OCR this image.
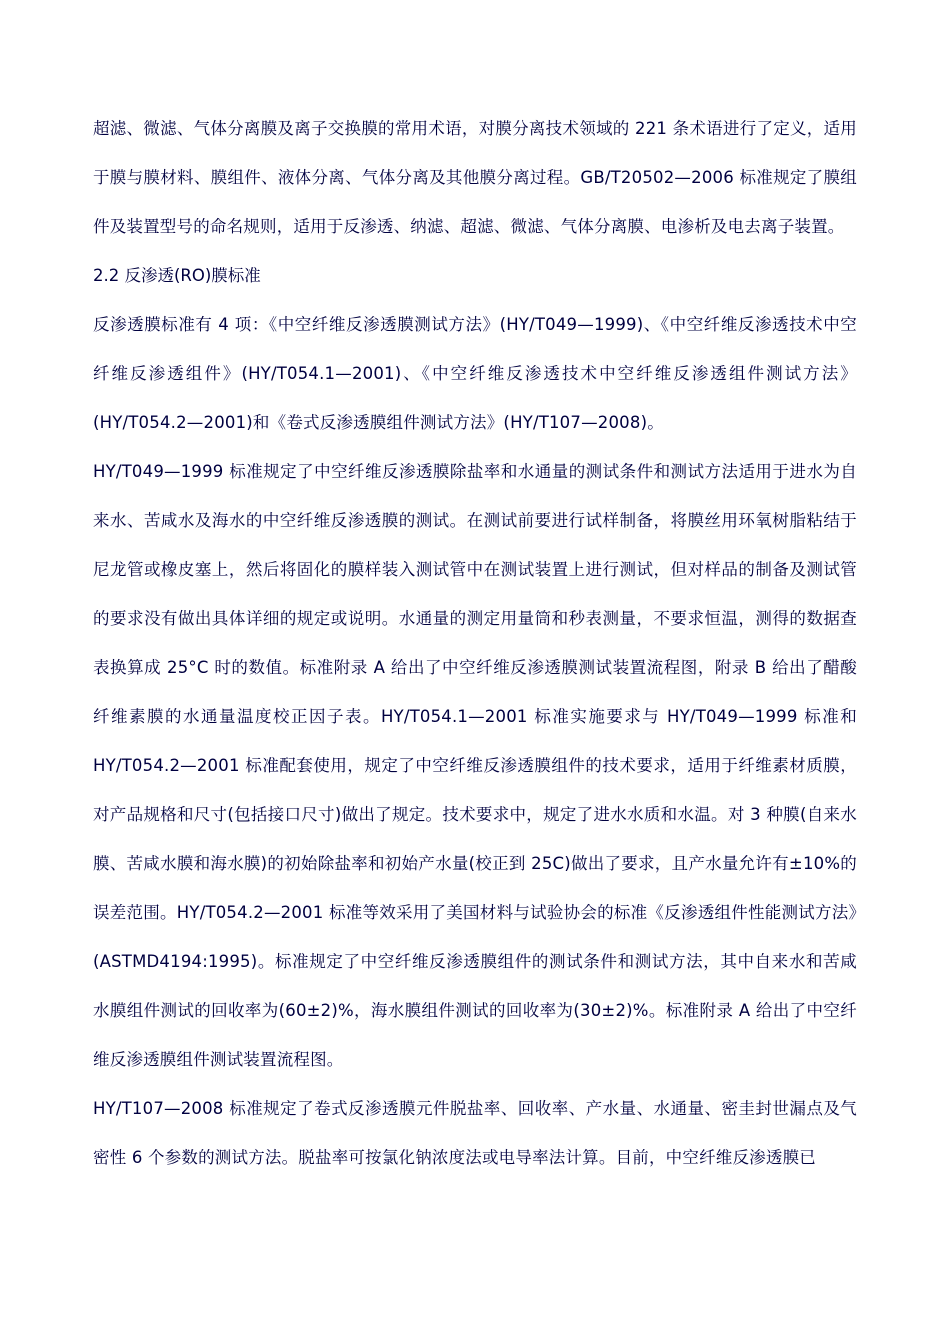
超滤、微滤、气体分离膜及离子交换膜的常用术语，对膜分离技术领域的 221 条术语进行了定义，适用于膜与膜材料、膜组件、液体分离、气体分离及其他膜分离过程。GB/T20502—2006 标准规定了膜组件及装置型号的命名规则，适用于反渗透、纳滤、超滤、微滤、气体分离膜、电渗析及电去离子装置。

2.2 反渗透(RO)膜标准

反渗透膜标准有 4 项：《中空纤维反渗透膜测试方法》(HY/T049—1999)、《中空纤维反渗透技术中空纤维反渗透组件》(HY/T054.1—2001)、《中空纤维反渗透技术中空纤维反渗透组件测试方法》(HY/T054.2—2001)和《卷式反渗透膜组件测试方法》(HY/T107—2008)。

HY/T049—1999 标准规定了中空纤维反渗透膜除盐率和水通量的测试条件和测试方法适用于进水为自来水、苦咸水及海水的中空纤维反渗透膜的测试。在测试前要进行试样制备，将膜丝用环氧树脂粘结于尼龙管或橡皮塞上，然后将固化的膜样装入测试管中在测试装置上进行测试，但对样品的制备及测试管的要求没有做出具体详细的规定或说明。水通量的测定用量筒和秒表测量，不要求恒温，测得的数据查表换算成 25°C 时的数值。标准附录 A 给出了中空纤维反渗透膜测试装置流程图，附录 B 给出了醋酸纤维素膜的水通量温度校正因子表。HY/T054.1—2001 标准实施要求与 HY/T049—1999 标准和 HY/T054.2—2001 标准配套使用，规定了中空纤维反渗透膜组件的技术要求，适用于纤维素材质膜，对产品规格和尺寸(包括接口尺寸)做出了规定。技术要求中，规定了进水水质和水温。对 3 种膜(自来水膜、苦咸水膜和海水膜)的初始除盐率和初始产水量(校正到 25C)做出了要求，且产水量允许有±10%的误差范围。HY/T054.2—2001 标准等效采用了美国材料与试验协会的标准《反渗透组件性能测试方法》(ASTMD4194:1995)。标准规定了中空纤维反渗透膜组件的测试条件和测试方法，其中自来水和苦咸水膜组件测试的回收率为(60±2)%，海水膜组件测试的回收率为(30±2)%。标准附录 A 给出了中空纤维反渗透膜组件测试装置流程图。

HY/T107—2008 标准规定了卷式反渗透膜元件脱盐率、回收率、产水量、水通量、密圭封世漏点及气密性 6 个参数的测试方法。脱盐率可按氯化钠浓度法或电导率法计算。目前，中空纤维反渗透膜已
